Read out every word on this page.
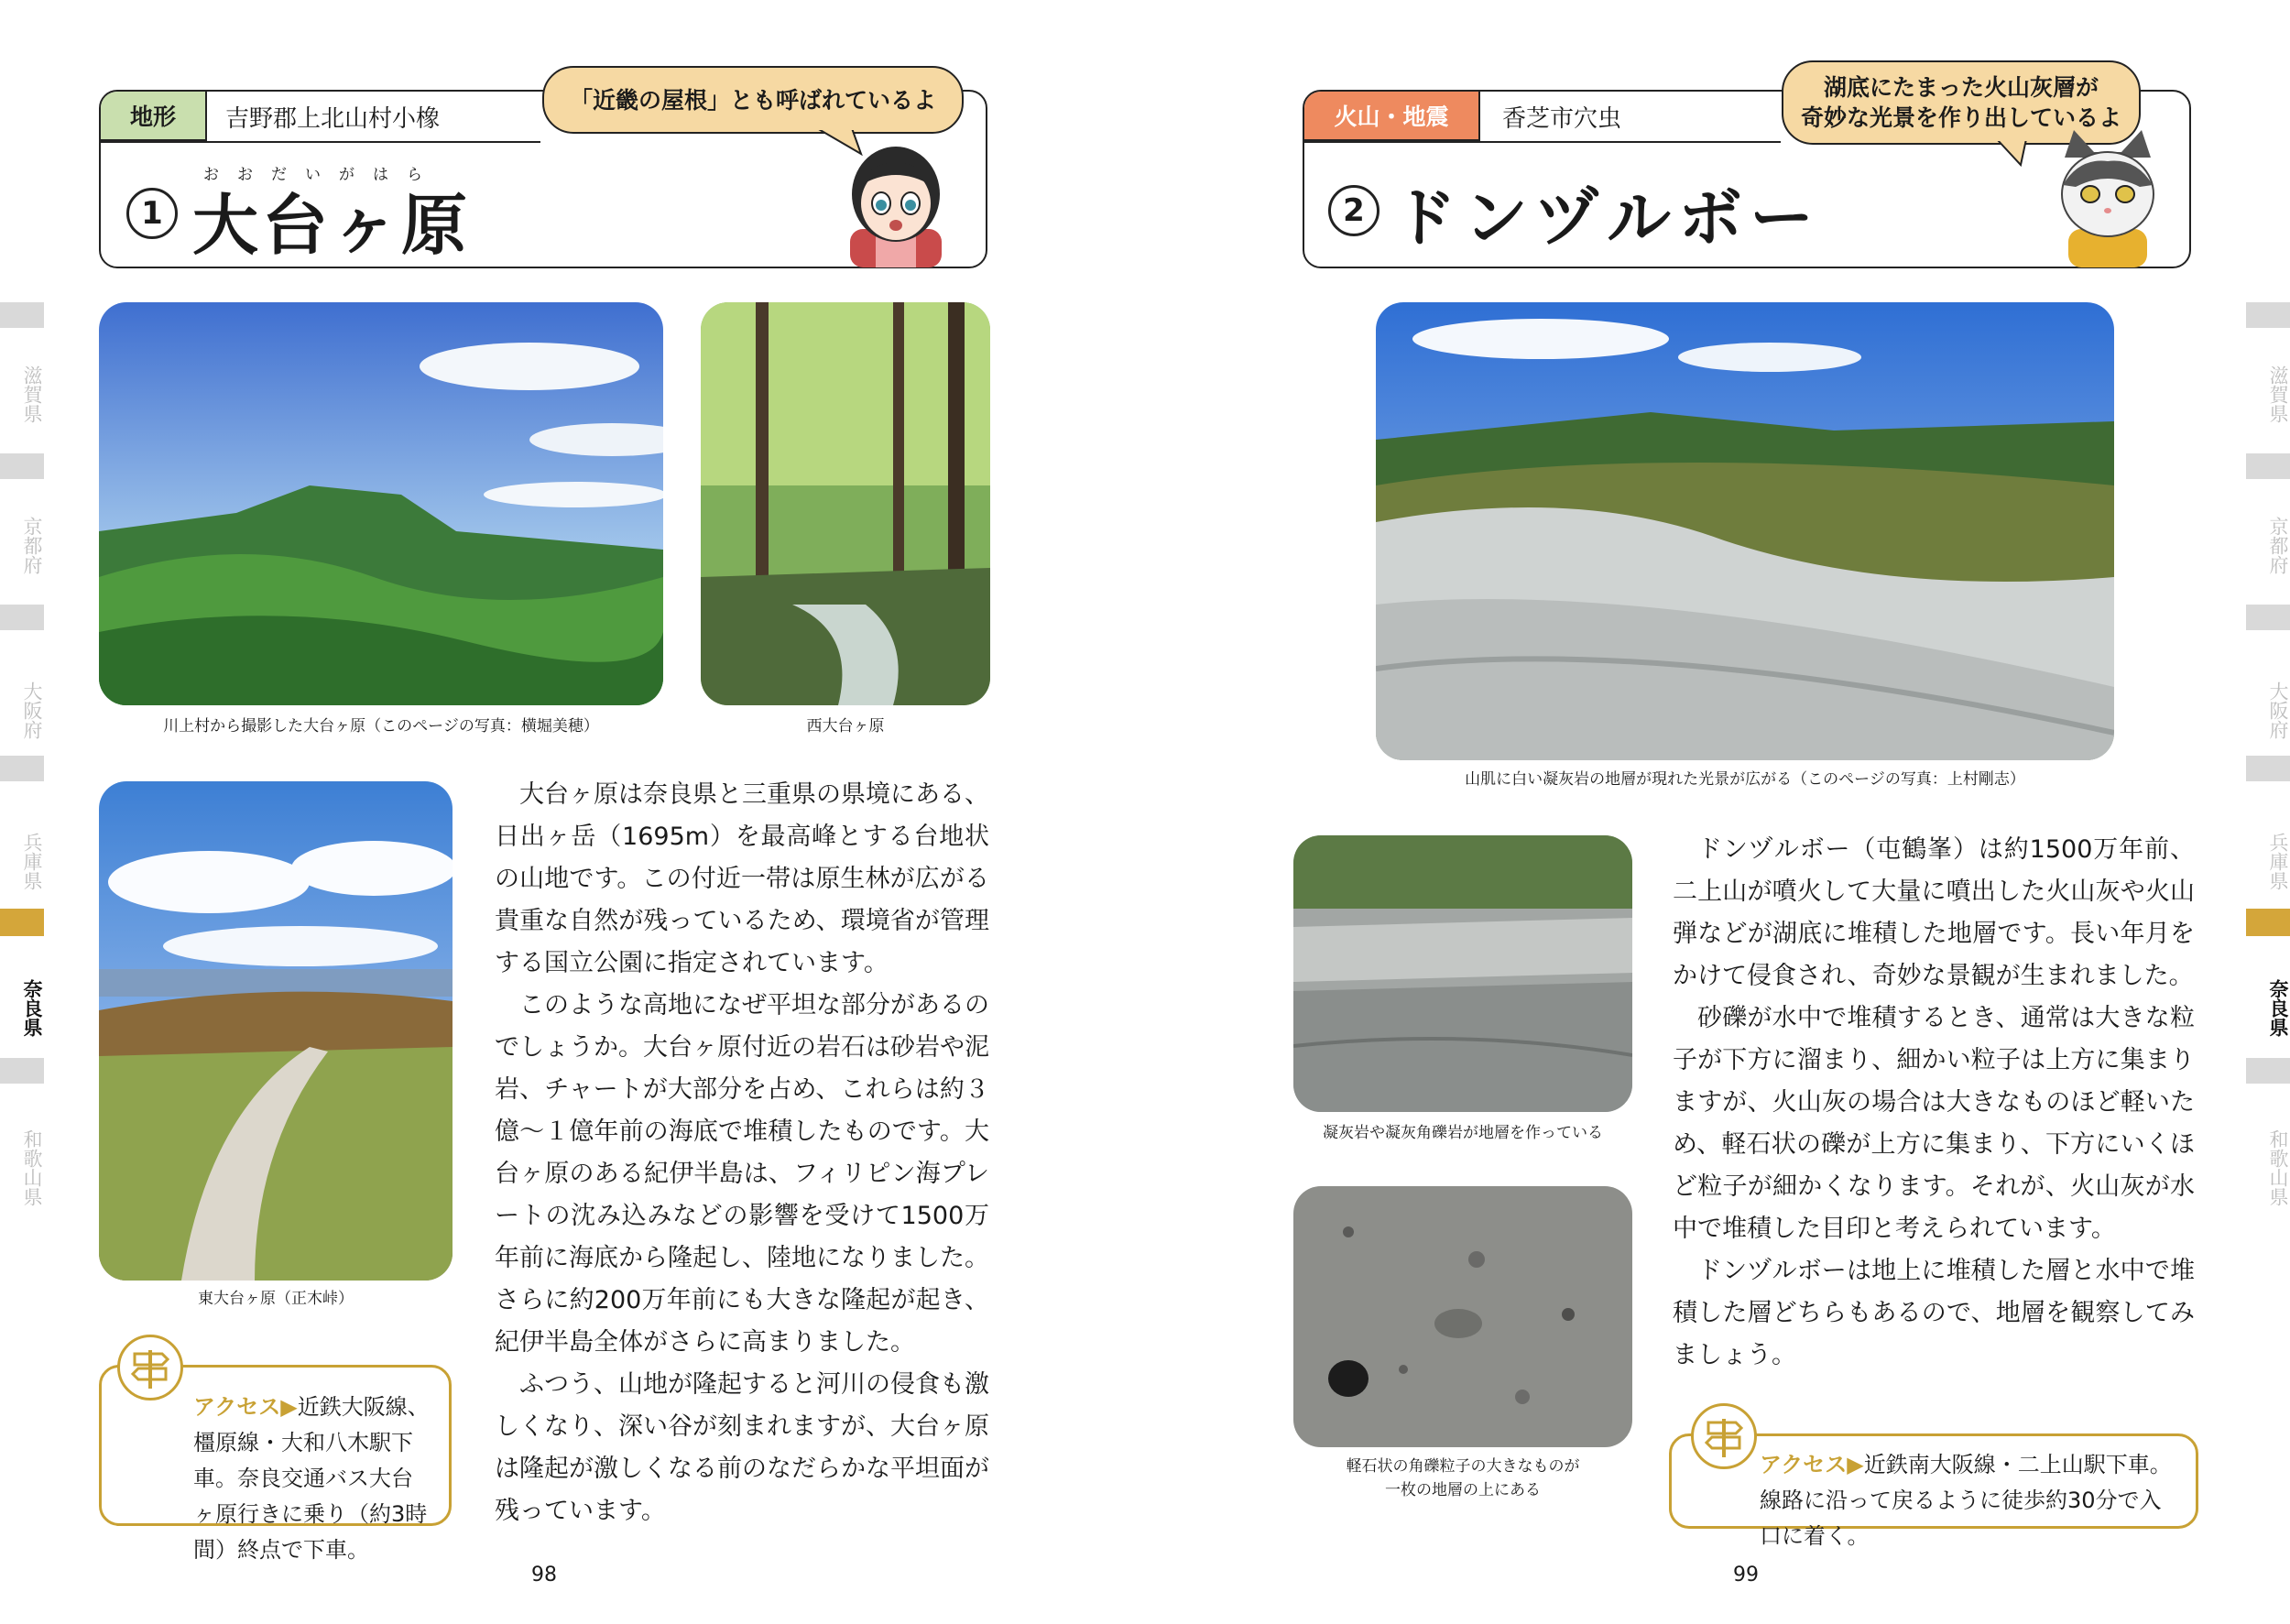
地形 吉野郡上北山村小橡
1
おおだいがはら
大台ヶ原
「近畿の屋根」とも呼ばれているよ
川上村から撮影した大台ヶ原（このページの写真：横堀美穂）	西大台ヶ原
東大台ヶ原（正木峠）

大台ヶ原は奈良県と三重県の県境にある、日出ヶ岳（1695m）を最高峰とする台地状の山地です。この付近一帯は原生林が広がる貴重な自然が残っているため、環境省が管理する国立公園に指定されています。

このような高地になぜ平坦な部分があるのでしょうか。大台ヶ原付近の岩石は砂岩や泥岩、チャートが大部分を占め、これらは約３億～１億年前の海底で堆積したものです。大台ヶ原のある紀伊半島は、フィリピン海プレートの沈み込みなどの影響を受けて1500万年前に海底から隆起し、陸地になりました。さらに約200万年前にも大きな隆起が起き、紀伊半島全体がさらに高まりました。

ふつう、山地が隆起すると河川の侵食も激しくなり、深い谷が刻まれますが、大台ヶ原は隆起が激しくなる前のなだらかな平坦面が残っています。

アクセス▶近鉄大阪線、橿原線・大和八木駅下車。奈良交通バス大台ヶ原行きに乗り（約3時間）終点で下車。
98
火山・地震 香芝市穴虫
2 ドンヅルボー
湖底にたまった火山灰層が
奇妙な光景を作り出しているよ
山肌に白い凝灰岩の地層が現れた光景が広がる（このページの写真：上村剛志）
凝灰岩や凝灰角礫岩が地層を作っている
軽石状の角礫粒子の大きなものが
一枚の地層の上にある

ドンヅルボー（屯鶴峯）は約1500万年前、二上山が噴火して大量に噴出した火山灰や火山弾などが湖底に堆積した地層です。長い年月をかけて侵食され、奇妙な景観が生まれました。

砂礫が水中で堆積するとき、通常は大きな粒子が下方に溜まり、細かい粒子は上方に集まりますが、火山灰の場合は大きなものほど軽いため、軽石状の礫が上方に集まり、下方にいくほど粒子が細かくなります。それが、火山灰が水中で堆積した目印と考えられています。

ドンヅルボーは地上に堆積した層と水中で堆積した層どちらもあるので、地層を観察してみましょう。

アクセス▶近鉄南大阪線・二上山駅下車。線路に沿って戻るように徒歩約30分で入口に着く。
99
滋賀県
京都府
大阪府
兵庫県
奈良県
和歌山県
滋賀県
京都府
大阪府
兵庫県
奈良県
和歌山県
